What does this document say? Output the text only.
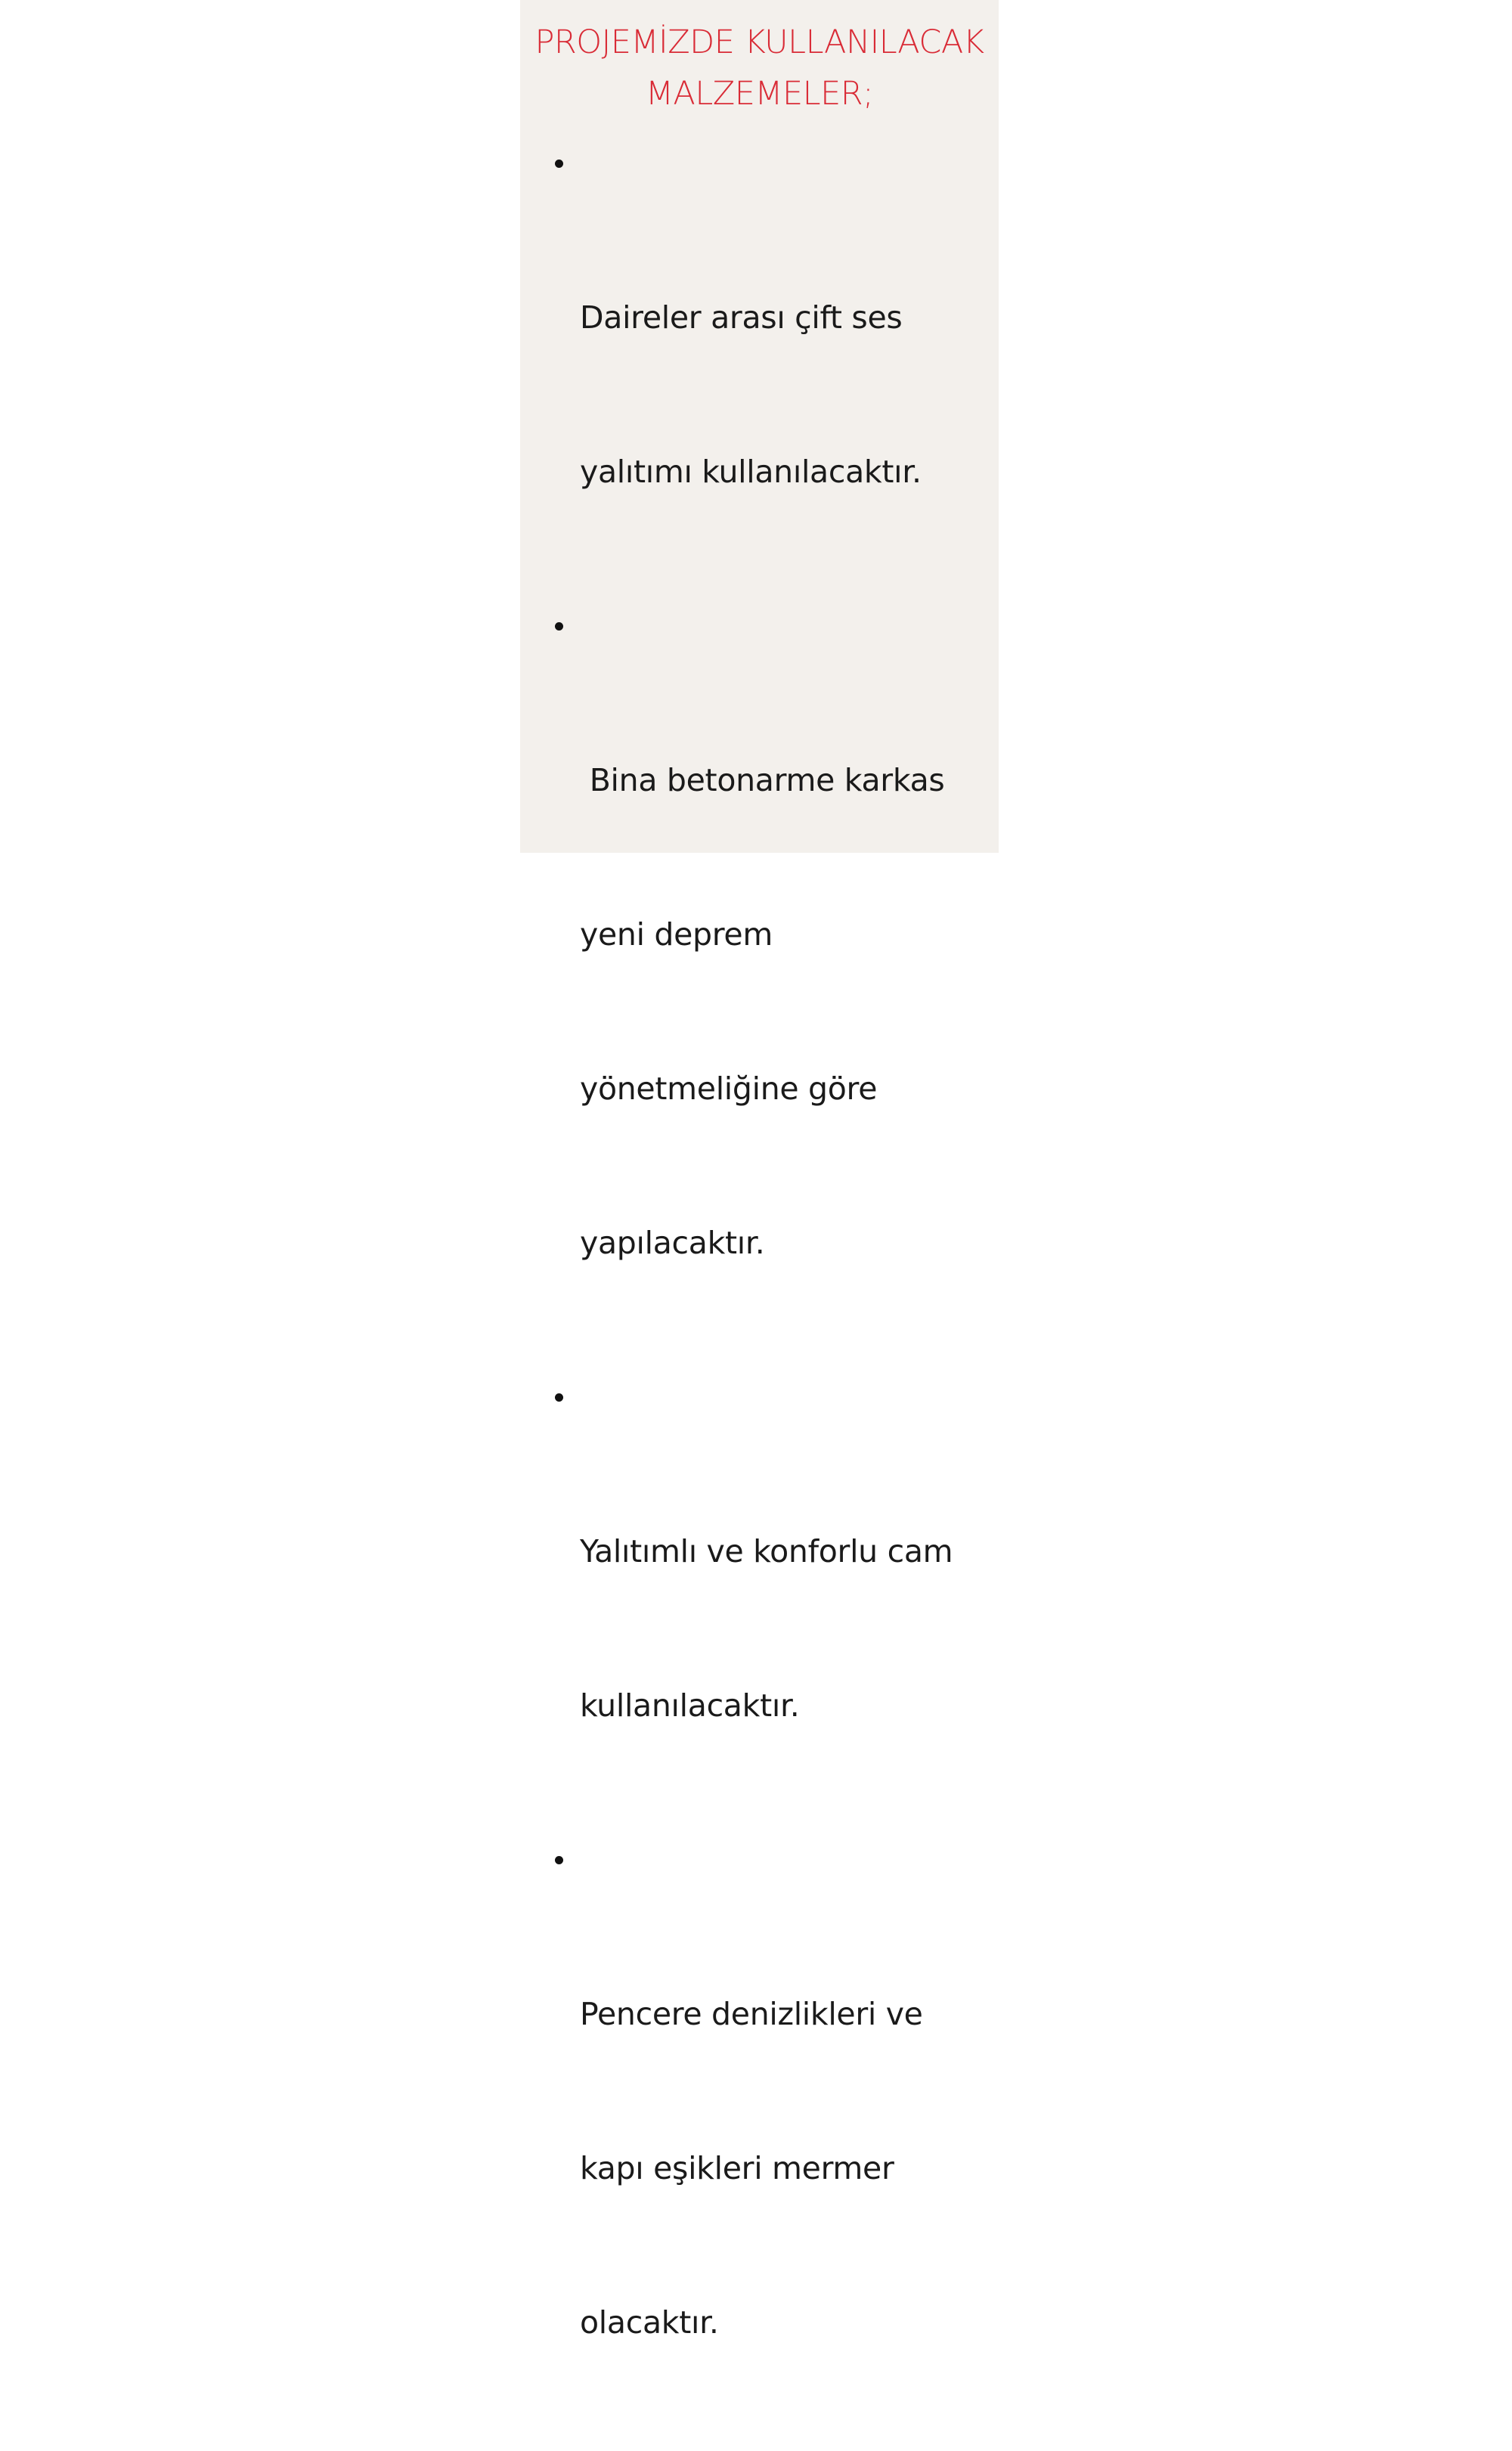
PROJEMİZDE KULLANILACAK
MALZEMELER;

Daireler arası çift ses

yalıtımı kullanılacaktır.

Bina betonarme karkas

yeni deprem

yönetmeliğine göre

yapılacaktır.

Yalıtımlı ve konforlu cam

kullanılacaktır.

Pencere denizlikleri ve

kapı eşikleri mermer

olacaktır.
